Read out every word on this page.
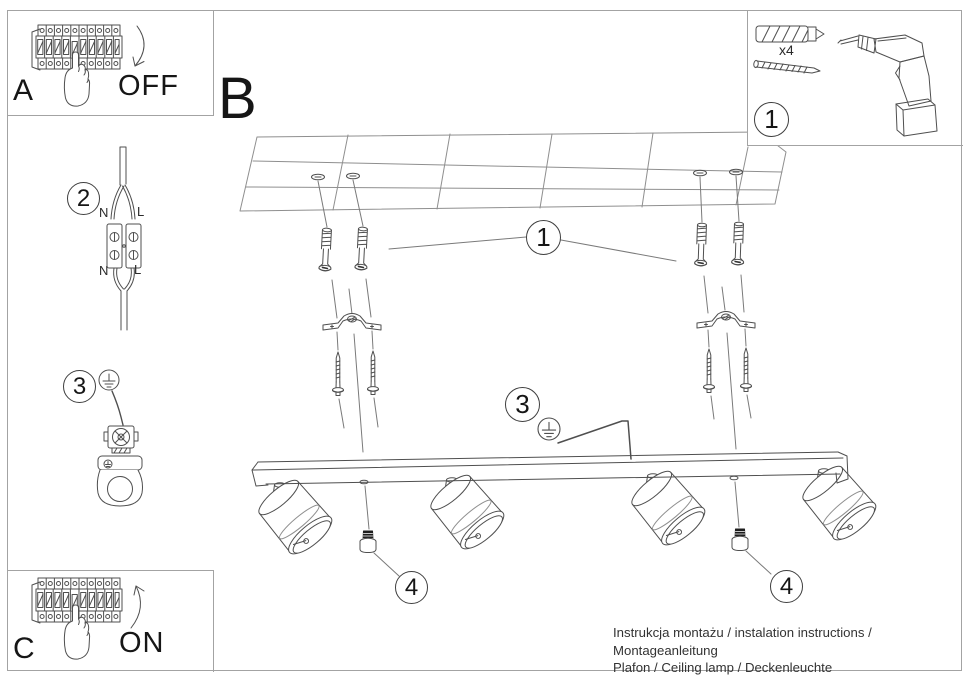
A	OFF B
C	ON
x4
1
2
N L
N L
3
1
3
4	4
Instrukcja montażu / instalation instructions / Montageanleitung
Plafon / Ceiling lamp / Deckenleuchte
